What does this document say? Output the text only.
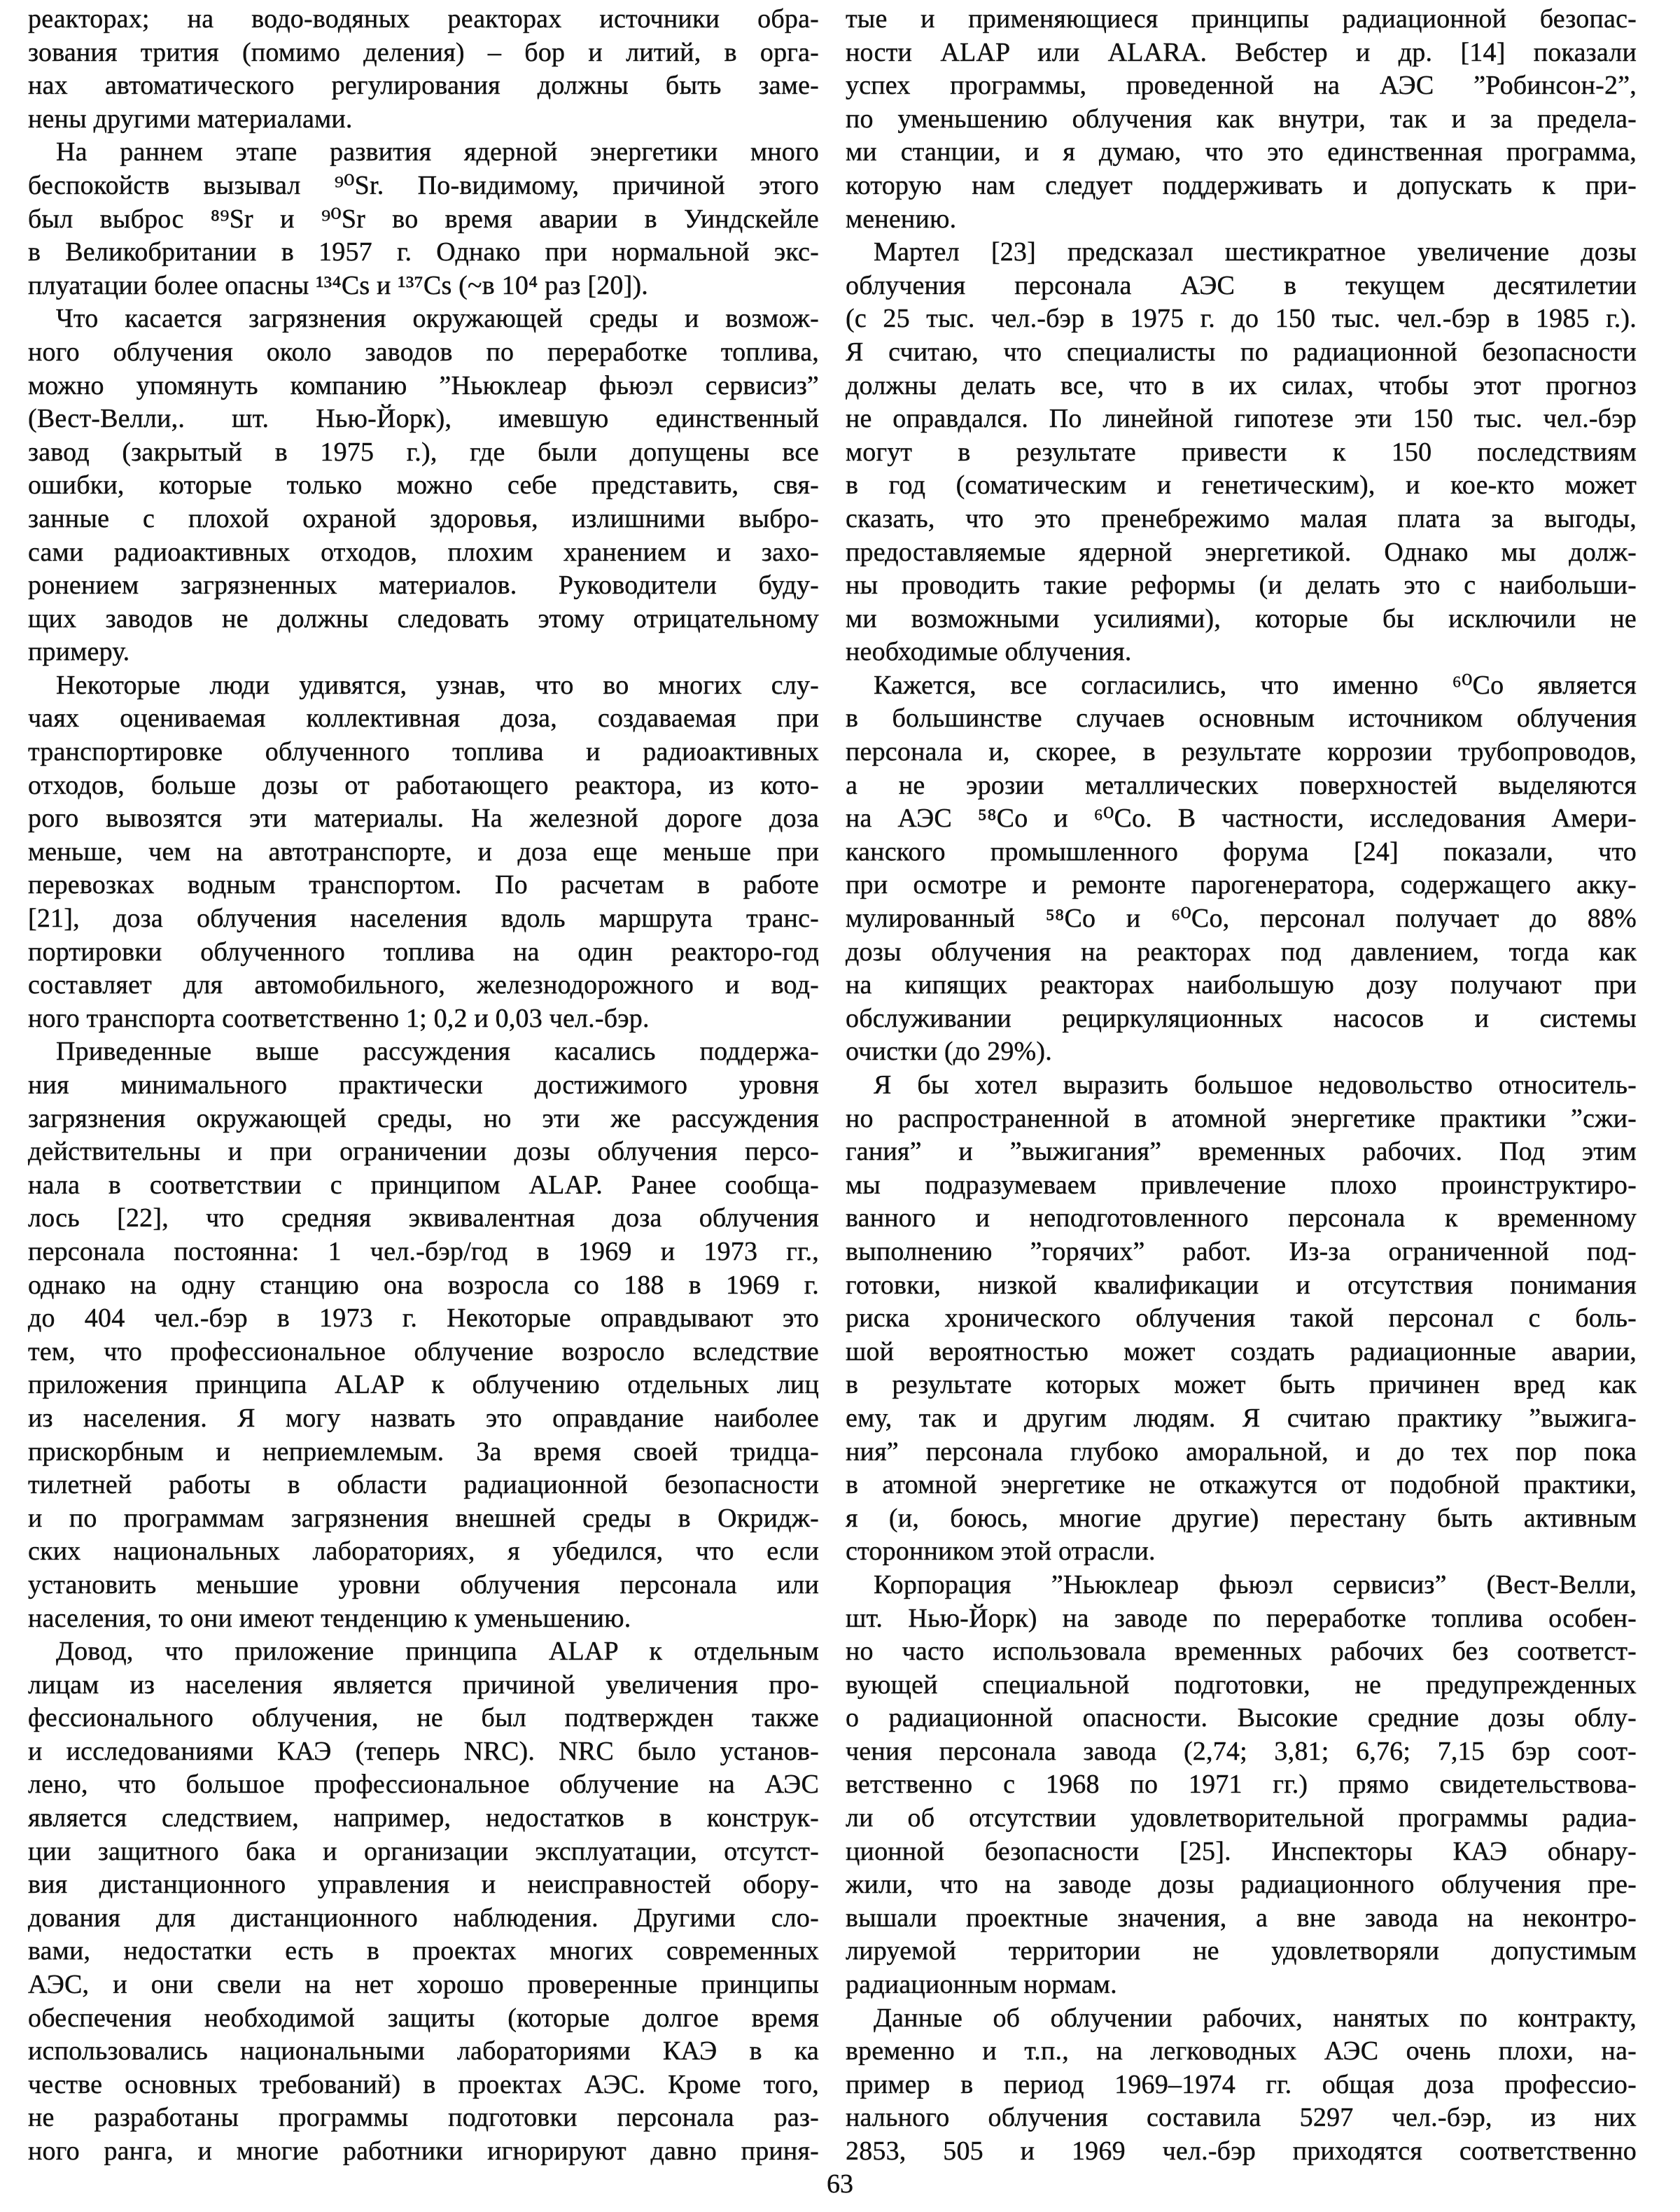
реакторах; на водо-водяных реакторах источники обра-
зования трития (помимо деления) – бор и литий, в орга-
нах автоматического регулирования должны быть заме-
нены другими материалами.
На раннем этапе развития ядерной энергетики много
беспокойств вызывал ⁹⁰Sr. По-видимому, причиной этого
был выброс ⁸⁹Sr и ⁹⁰Sr во время аварии в Уиндскейле
в Великобритании в 1957 г. Однако при нормальной экс-
плуатации более опасны ¹³⁴Cs и ¹³⁷Cs (~в 10⁴ раз [20]).
Что касается загрязнения окружающей среды и возмож-
ного облучения около заводов по переработке топлива,
можно упомянуть компанию ”Ньюклеар фьюэл сервисиз”
(Вест-Велли,. шт. Нью-Йорк), имевшую единственный
завод (закрытый в 1975 г.), где были допущены все
ошибки, которые только можно себе представить, свя-
занные с плохой охраной здоровья, излишними выбро-
сами радиоактивных отходов, плохим хранением и захо-
ронением загрязненных материалов. Руководители буду-
щих заводов не должны следовать этому отрицательному
примеру.
Некоторые люди удивятся, узнав, что во многих слу-
чаях оцениваемая коллективная доза, создаваемая при
транспортировке облученного топлива и радиоактивных
отходов, больше дозы от работающего реактора, из кото-
рого вывозятся эти материалы. На железной дороге доза
меньше, чем на автотранспорте, и доза еще меньше при
перевозках водным транспортом. По расчетам в работе
[21], доза облучения населения вдоль маршрута транс-
портировки облученного топлива на один реакторо-год
составляет для автомобильного, железнодорожного и вод-
ного транспорта соответственно 1; 0,2 и 0,03 чел.-бэр.
Приведенные выше рассуждения касались поддержа-
ния минимального практически достижимого уровня
загрязнения окружающей среды, но эти же рассуждения
действительны и при ограничении дозы облучения персо-
нала в соответствии с принципом ALAP. Ранее сообща-
лось [22], что средняя эквивалентная доза облучения
персонала постоянна: 1 чел.-бэр/год в 1969 и 1973 гг.,
однако на одну станцию она возросла со 188 в 1969 г.
до 404 чел.-бэр в 1973 г. Некоторые оправдывают это
тем, что профессиональное облучение возросло вследствие
приложения принципа ALAP к облучению отдельных лиц
из населения. Я могу назвать это оправдание наиболее
прискорбным и неприемлемым. За время своей тридца-
тилетней работы в области радиационной безопасности
и по программам загрязнения внешней среды в Окридж-
ских национальных лабораториях, я убедился, что если
установить меньшие уровни облучения персонала или
населения, то они имеют тенденцию к уменьшению.
Довод, что приложение принципа ALAP к отдельным
лицам из населения является причиной увеличения про-
фессионального облучения, не был подтвержден также
и исследованиями КАЭ (теперь NRC). NRC было установ-
лено, что большое профессиональное облучение на АЭС
является следствием, например, недостатков в конструк-
ции защитного бака и организации эксплуатации, отсутст-
вия дистанционного управления и неисправностей обору-
дования для дистанционного наблюдения. Другими сло-
вами, недостатки есть в проектах многих современных
АЭС, и они свели на нет хорошо проверенные принципы
обеспечения необходимой защиты (которые долгое время
использовались национальными лабораториями КАЭ в ка
честве основных требований) в проектах АЭС. Кроме того,
не разработаны программы подготовки персонала раз-
ного ранга, и многие работники игнорируют давно приня-
тые и применяющиеся принципы радиационной безопас-
ности ALAP или ALARA. Вебстер и др. [14] показали
успех программы, проведенной на АЭС ”Робинсон-2”,
по уменьшению облучения как внутри, так и за предела-
ми станции, и я думаю, что это единственная программа,
которую нам следует поддерживать и допускать к при-
менению.
Мартел [23] предсказал шестикратное увеличение дозы
облучения персонала АЭС в текущем десятилетии
(с 25 тыс. чел.-бэр в 1975 г. до 150 тыс. чел.-бэр в 1985 г.).
Я считаю, что специалисты по радиационной безопасности
должны делать все, что в их силах, чтобы этот прогноз
не оправдался. По линейной гипотезе эти 150 тыс. чел.-бэр
могут в результате привести к 150 последствиям
в год (соматическим и генетическим), и кое-кто может
сказать, что это пренебрежимо малая плата за выгоды,
предоставляемые ядерной энергетикой. Однако мы долж-
ны проводить такие реформы (и делать это с наибольши-
ми возможными усилиями), которые бы исключили не
необходимые облучения.
Кажется, все согласились, что именно ⁶⁰Со является
в большинстве случаев основным источником облучения
персонала и, скорее, в результате коррозии трубопроводов,
а не эрозии металлических поверхностей выделяются
на АЭС ⁵⁸Со и ⁶⁰Со. В частности, исследования Амери-
канского промышленного форума [24] показали, что
при осмотре и ремонте парогенератора, содержащего акку-
мулированный ⁵⁸Со и ⁶⁰Со, персонал получает до 88%
дозы облучения на реакторах под давлением, тогда как
на кипящих реакторах наибольшую дозу получают при
обслуживании рециркуляционных насосов и системы
очистки (до 29%).
Я бы хотел выразить большое недовольство относитель-
но распространенной в атомной энергетике практики ”сжи-
гания” и ”выжигания” временных рабочих. Под этим
мы подразумеваем привлечение плохо проинструктиро-
ванного и неподготовленного персонала к временному
выполнению ”горячих” работ. Из-за ограниченной под-
готовки, низкой квалификации и отсутствия понимания
риска хронического облучения такой персонал с боль-
шой вероятностью может создать радиационные аварии,
в результате которых может быть причинен вред как
ему, так и другим людям. Я считаю практику ”выжига-
ния” персонала глубоко аморальной, и до тех пор пока
в атомной энергетике не откажутся от подобной практики,
я (и, боюсь, многие другие) перестану быть активным
сторонником этой отрасли.
Корпорация ”Ньюклеар фьюэл сервисиз” (Вест-Велли,
шт. Нью-Йорк) на заводе по переработке топлива особен-
но часто использовала временных рабочих без соответст-
вующей специальной подготовки, не предупрежденных
о радиационной опасности. Высокие средние дозы облу-
чения персонала завода (2,74; 3,81; 6,76; 7,15 бэр соот-
ветственно с 1968 по 1971 гг.) прямо свидетельствова-
ли об отсутствии удовлетворительной программы радиа-
ционной безопасности [25]. Инспекторы КАЭ обнару-
жили, что на заводе дозы радиационного облучения пре-
вышали проектные значения, а вне завода на неконтро-
лируемой территории не удовлетворяли допустимым
радиационным нормам.
Данные об облучении рабочих, нанятых по контракту,
временно и т.п., на легководных АЭС очень плохи, на-
пример в период 1969–1974 гг. общая доза профессио-
нального облучения составила 5297 чел.-бэр, из них
2853, 505 и 1969 чел.-бэр приходятся соответственно
63
